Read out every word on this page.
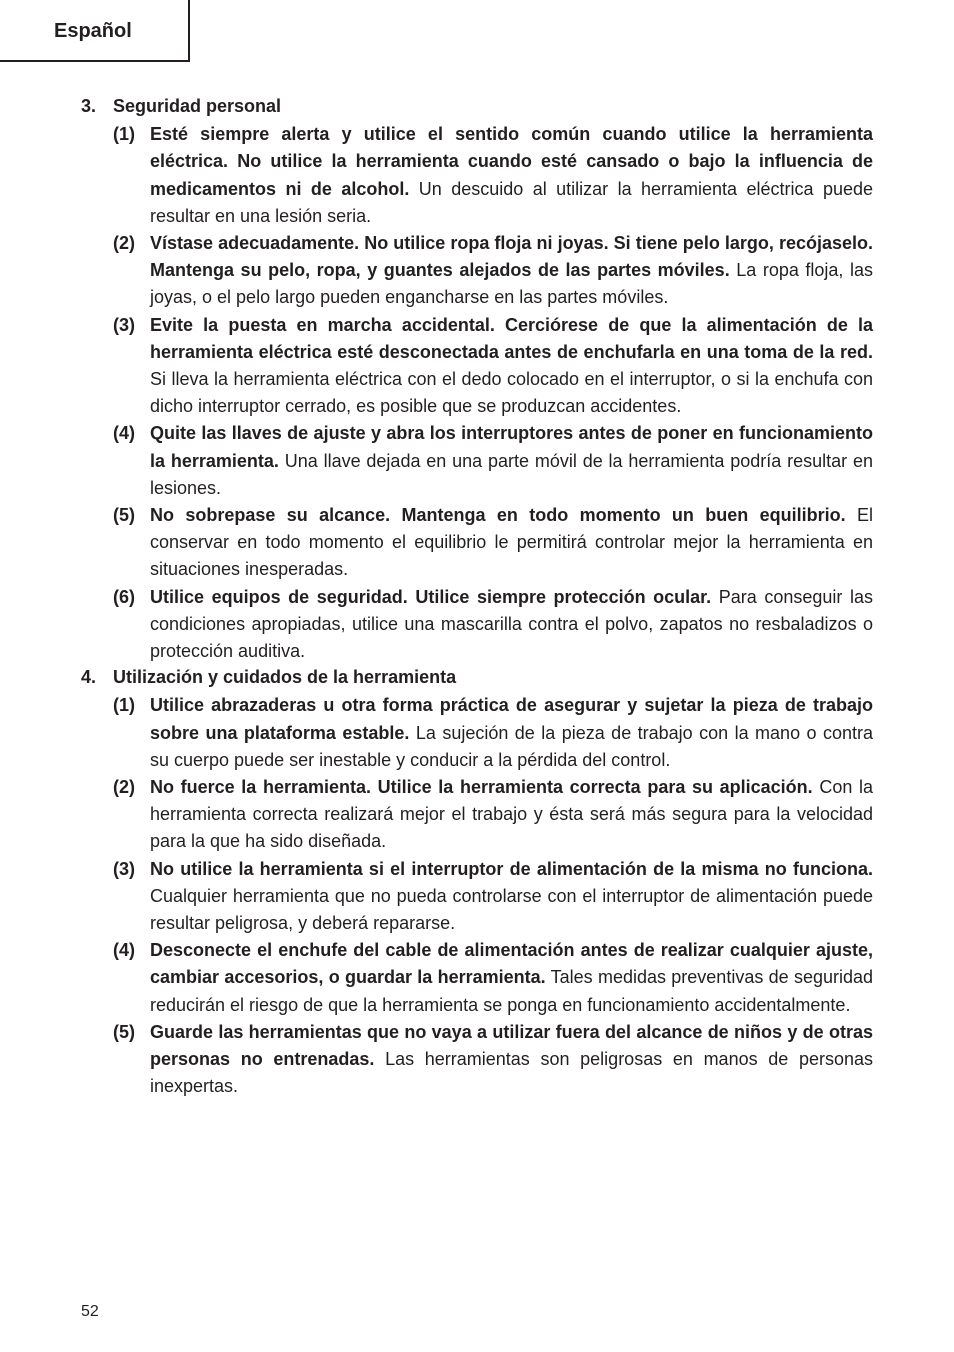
Español
3. Seguridad personal
(1) Esté siempre alerta y utilice el sentido común cuando utilice la herramienta eléctrica. No utilice la herramienta cuando esté cansado o bajo la influencia de medicamentos ni de alcohol. Un descuido al utilizar la herramienta eléctrica puede resultar en una lesión seria.
(2) Vístase adecuadamente. No utilice ropa floja ni joyas. Si tiene pelo largo, recójaselo. Mantenga su pelo, ropa, y guantes alejados de las partes móviles. La ropa floja, las joyas, o el pelo largo pueden engancharse en las partes móviles.
(3) Evite la puesta en marcha accidental. Cerciórese de que la alimentación de la herramienta eléctrica esté desconectada antes de enchufarla en una toma de la red. Si lleva la herramienta eléctrica con el dedo colocado en el interruptor, o si la enchufa con dicho interruptor cerrado, es posible que se produzcan accidentes.
(4) Quite las llaves de ajuste y abra los interruptores antes de poner en funcionamiento la herramienta. Una llave dejada en una parte móvil de la herramienta podría resultar en lesiones.
(5) No sobrepase su alcance. Mantenga en todo momento un buen equilibrio. El conservar en todo momento el equilibrio le permitirá controlar mejor la herramienta en situaciones inesperadas.
(6) Utilice equipos de seguridad. Utilice siempre protección ocular. Para conseguir las condiciones apropiadas, utilice una mascarilla contra el polvo, zapatos no resbaladizos o protección auditiva.
4. Utilización y cuidados de la herramienta
(1) Utilice abrazaderas u otra forma práctica de asegurar y sujetar la pieza de trabajo sobre una plataforma estable. La sujeción de la pieza de trabajo con la mano o contra su cuerpo puede ser inestable y conducir a la pérdida del control.
(2) No fuerce la herramienta. Utilice la herramienta correcta para su aplicación. Con la herramienta correcta realizará mejor el trabajo y ésta será más segura para la velocidad para la que ha sido diseñada.
(3) No utilice la herramienta si el interruptor de alimentación de la misma no funciona. Cualquier herramienta que no pueda controlarse con el interruptor de alimentación puede resultar peligrosa, y deberá repararse.
(4) Desconecte el enchufe del cable de alimentación antes de realizar cualquier ajuste, cambiar accesorios, o guardar la herramienta. Tales medidas preventivas de seguridad reducirán el riesgo de que la herramienta se ponga en funcionamiento accidentalmente.
(5) Guarde las herramientas que no vaya a utilizar fuera del alcance de niños y de otras personas no entrenadas. Las herramientas son peligrosas en manos de personas inexpertas.
52
